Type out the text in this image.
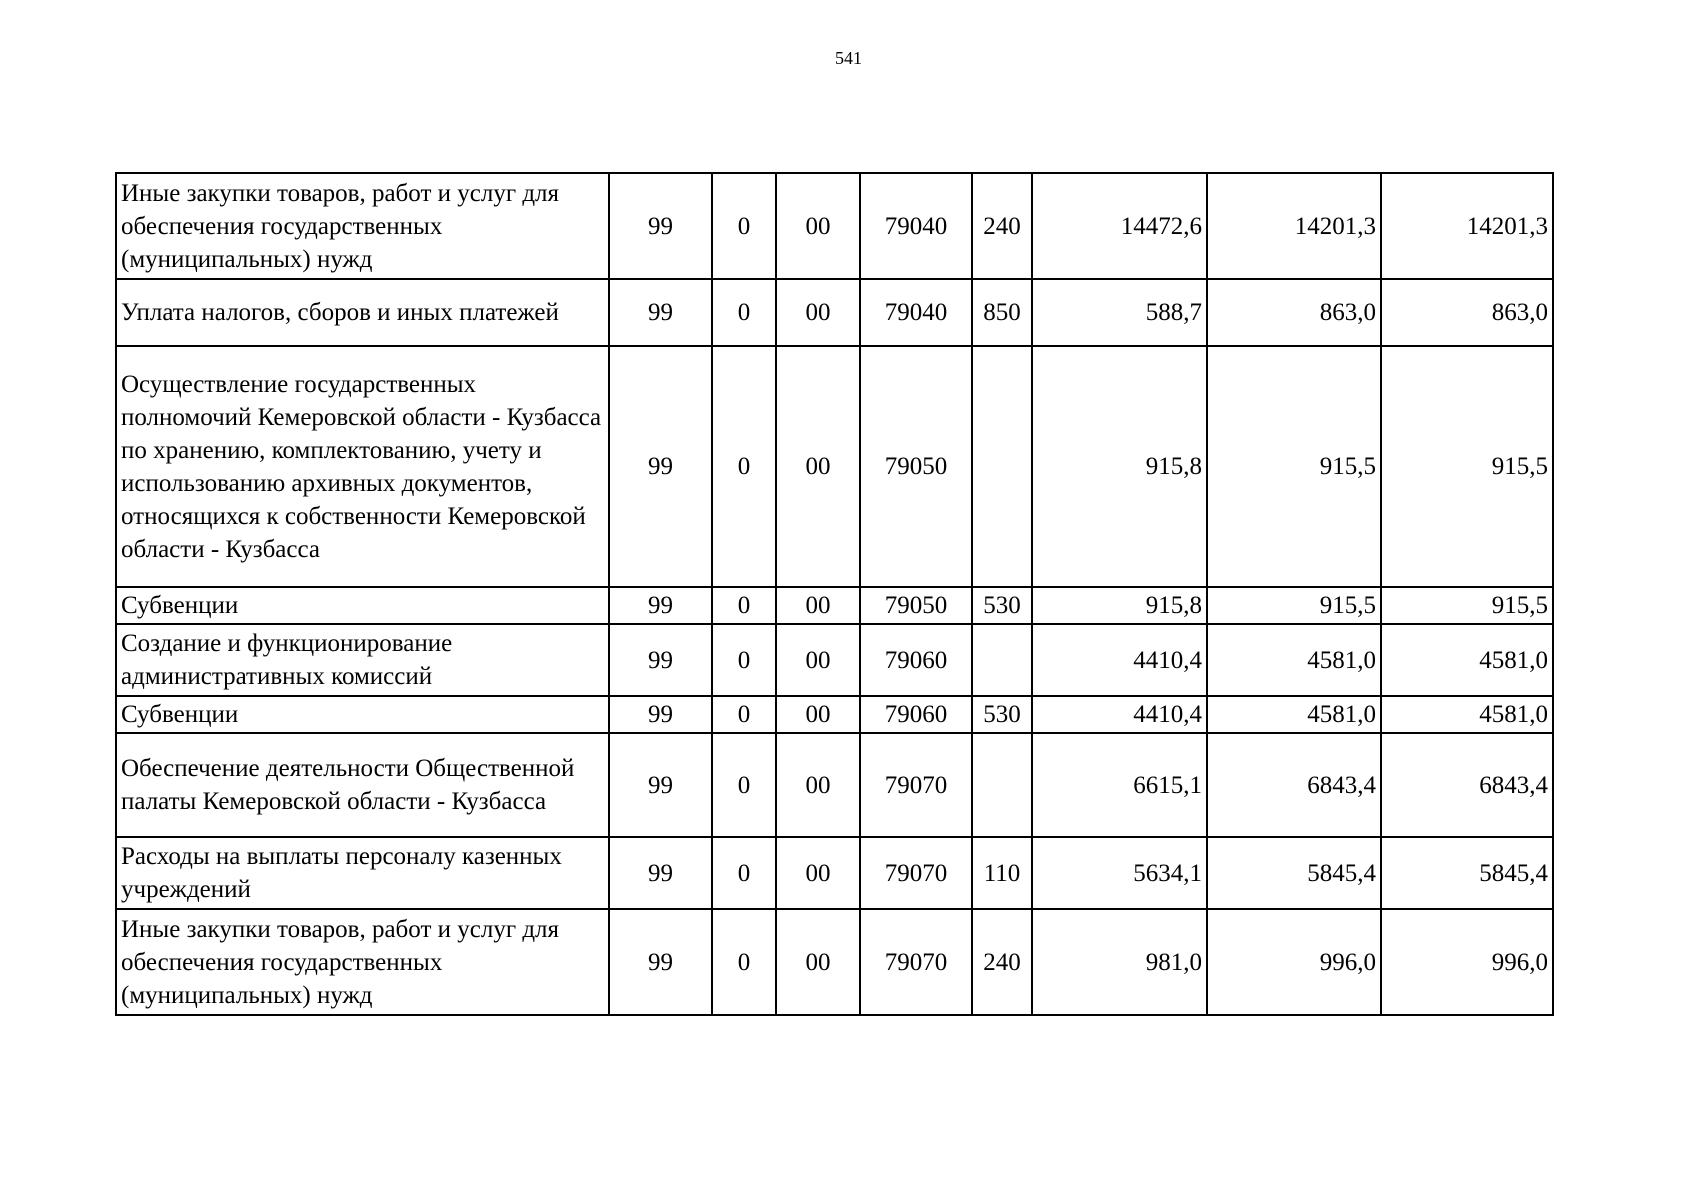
541
Иные закупки товаров, работ и услуг для обеспечения государственных (муниципальных) нужд	99	0	00	79040	240	14472,6	14201,3	14201,3
Уплата налогов, сборов и иных платежей	99	0	00	79040	850	588,7	863,0	863,0
Осуществление государственных полномочий Кемеровской области - Кузбасса по хранению, комплектованию, учету и использованию архивных документов, относящихся к собственности Кемеровской области - Кузбасса	99	0	00	79050		915,8	915,5	915,5
Субвенции	99	0	00	79050	530	915,8	915,5	915,5
Создание и функционирование административных комиссий	99	0	00	79060		4410,4	4581,0	4581,0
Субвенции	99	0	00	79060	530	4410,4	4581,0	4581,0
Обеспечение деятельности Общественной палаты Кемеровской области - Кузбасса	99	0	00	79070		6615,1	6843,4	6843,4
Расходы на выплаты персоналу казенных учреждений	99	0	00	79070	110	5634,1	5845,4	5845,4
Иные закупки товаров, работ и услуг для обеспечения государственных (муниципальных) нужд	99	0	00	79070	240	981,0	996,0	996,0
